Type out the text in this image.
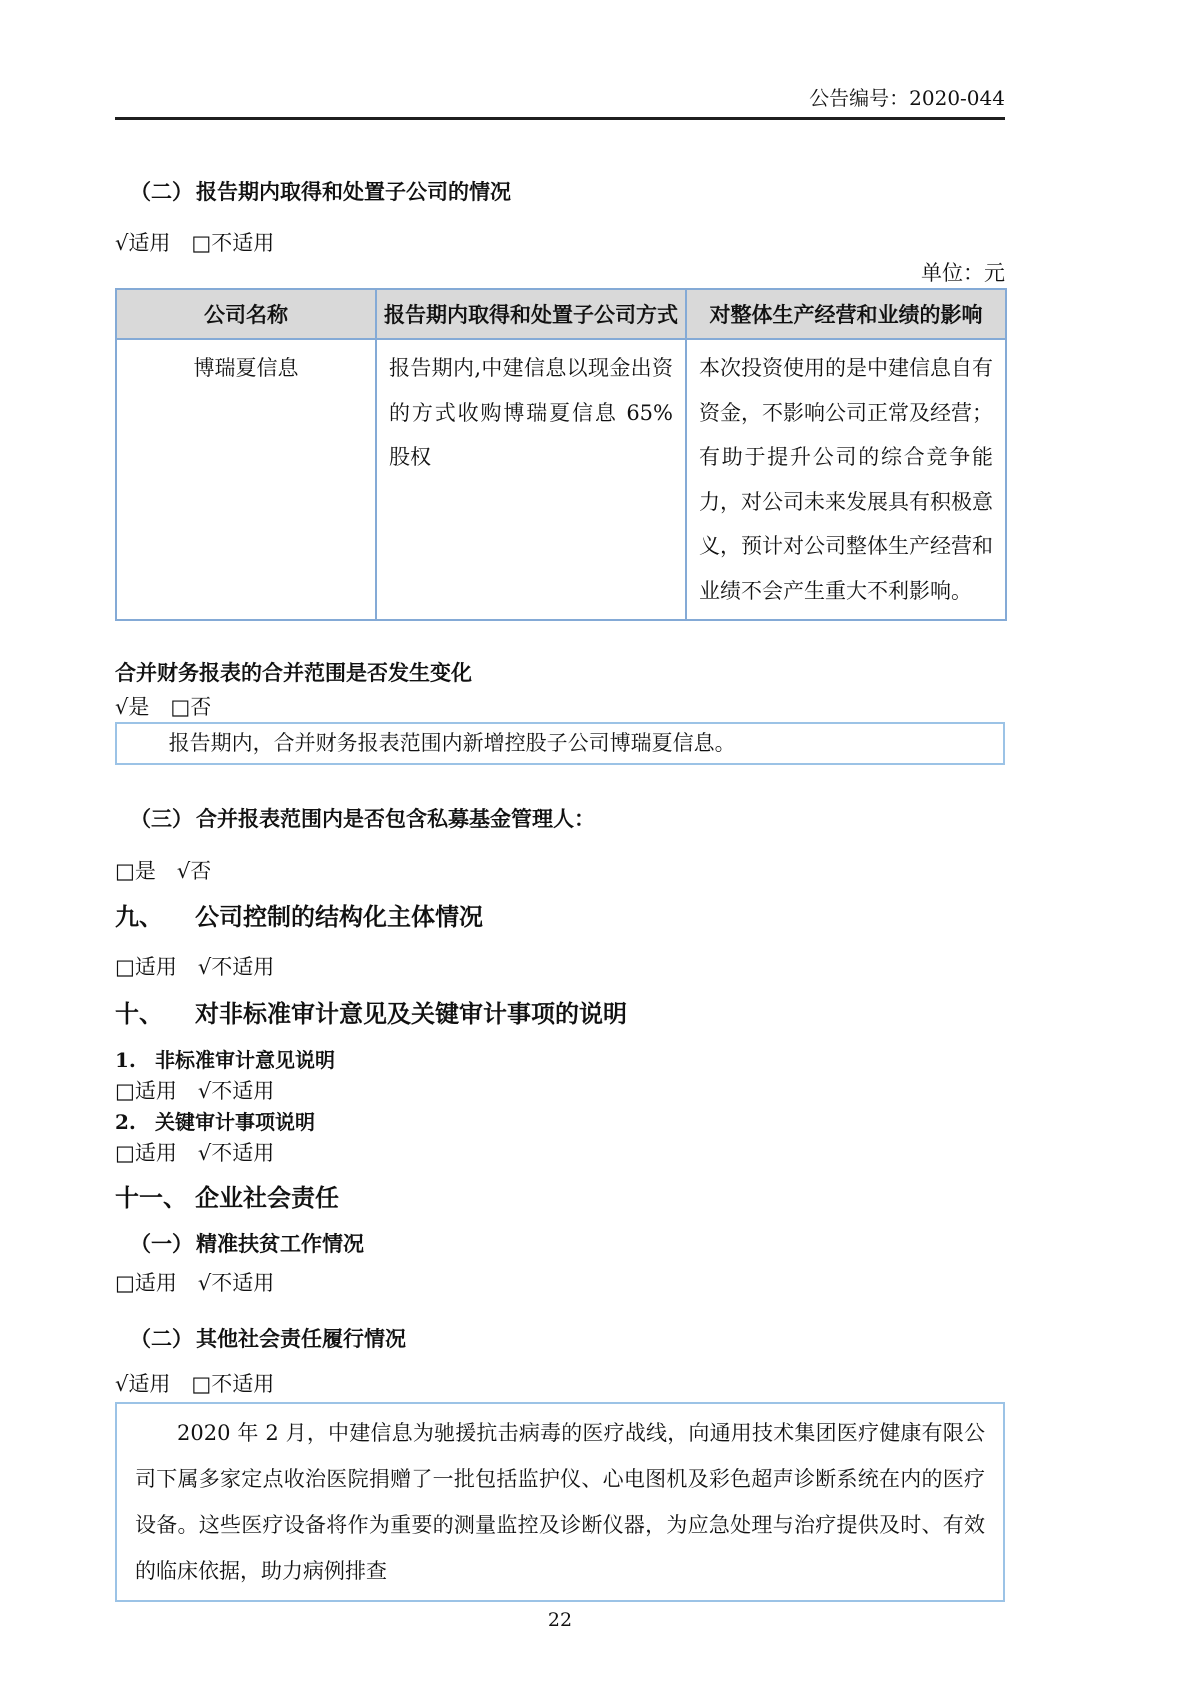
公告编号：2020-044
（二） 报告期内取得和处置子公司的情况
√适用　□不适用
单位：元
公司名称	报告期内取得和处置子公司方式	对整体生产经营和业绩的影响
博瑞夏信息	报告期内,中建信息以现金出资的方式收购博瑞夏信息 65%股权	本次投资使用的是中建信息自有资金，不影响公司正常及经营；有助于提升公司的综合竞争能力，对公司未来发展具有积极意义，预计对公司整体生产经营和业绩不会产生重大不利影响。
合并财务报表的合并范围是否发生变化
√是　□否
报告期内，合并财务报表范围内新增控股子公司博瑞夏信息。
（三） 合并报表范围内是否包含私募基金管理人：
□是　√否
九、	公司控制的结构化主体情况
□适用　√不适用
十、	对非标准审计意见及关键审计事项的说明
1. 非标准审计意见说明
□适用　√不适用
2. 关键审计事项说明
□适用　√不适用
十一、 企业社会责任
（一） 精准扶贫工作情况
□适用　√不适用
（二） 其他社会责任履行情况
√适用　□不适用
2020 年 2 月，中建信息为驰援抗击病毒的医疗战线，向通用技术集团医疗健康有限公司下属多家定点收治医院捐赠了一批包括监护仪、心电图机及彩色超声诊断系统在内的医疗设备。这些医疗设备将作为重要的测量监控及诊断仪器，为应急处理与治疗提供及时、有效的临床依据，助力病例排查
22
